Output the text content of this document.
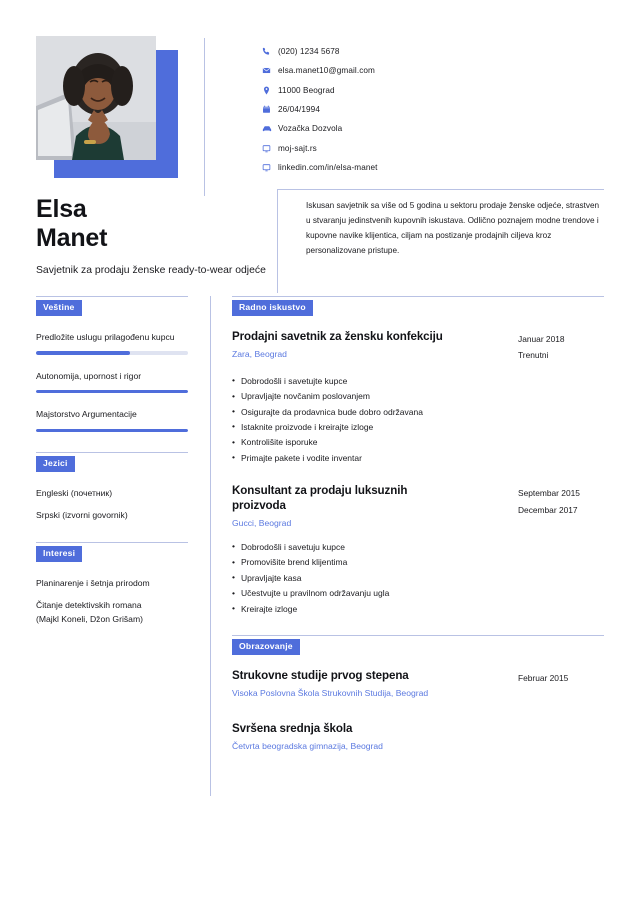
(020) 1234 5678
elsa.manet10@gmail.com
11000 Beograd
26/04/1994
Vozačka Dozvola
moj-sajt.rs
linkedin.com/in/elsa-manet
Elsa
Manet
Savjetnik za prodaju ženske ready-to-wear odjeće
Iskusan savjetnik sa više od 5 godina u sektoru prodaje ženske odjeće, strastven u stvaranju jedinstvenih kupovnih iskustava. Odlično poznajem modne trendove i kupovne navike klijentica, ciljam na postizanje prodajnih ciljeva kroz personalizovane pristupe.
Veštine
Predložite uslugu prilagođenu kupcu
Autonomija, upornost i rigor
Majstorstvo Argumentacije
Jezici
Engleski (почетник)
Srpski (izvorni govornik)
Interesi
Planinarenje i šetnja prirodom
Čitanje detektivskih romana
(Majkl Koneli, Džon Grišam)
Radno iskustvo
Prodajni savetnik za žensku konfekciju
Zara, Beograd
Januar 2018
Trenutni
• Dobrodošli i savetujte kupce
• Upravljajte novčanim poslovanjem
• Osigurajte da prodavnica bude dobro održavana
• Istaknite proizvode i kreirajte izloge
• Kontrolišite isporuke
• Primajte pakete i vodite inventar
Konsultant za prodaju luksuznih proizvoda
Gucci, Beograd
Septembar 2015
Decembar 2017
• Dobrodošli i savetuju kupce
• Promovišite brend klijentima
• Upravljajte kasa
• Učestvujte u pravilnom održavanju ugla
• Kreirajte izloge
Obrazovanje
Strukovne studije prvog stepena
Visoka Poslovna Škola Strukovnih Studija, Beograd
Februar 2015
Svršena srednja škola
Četvrta beogradska gimnazija, Beograd
